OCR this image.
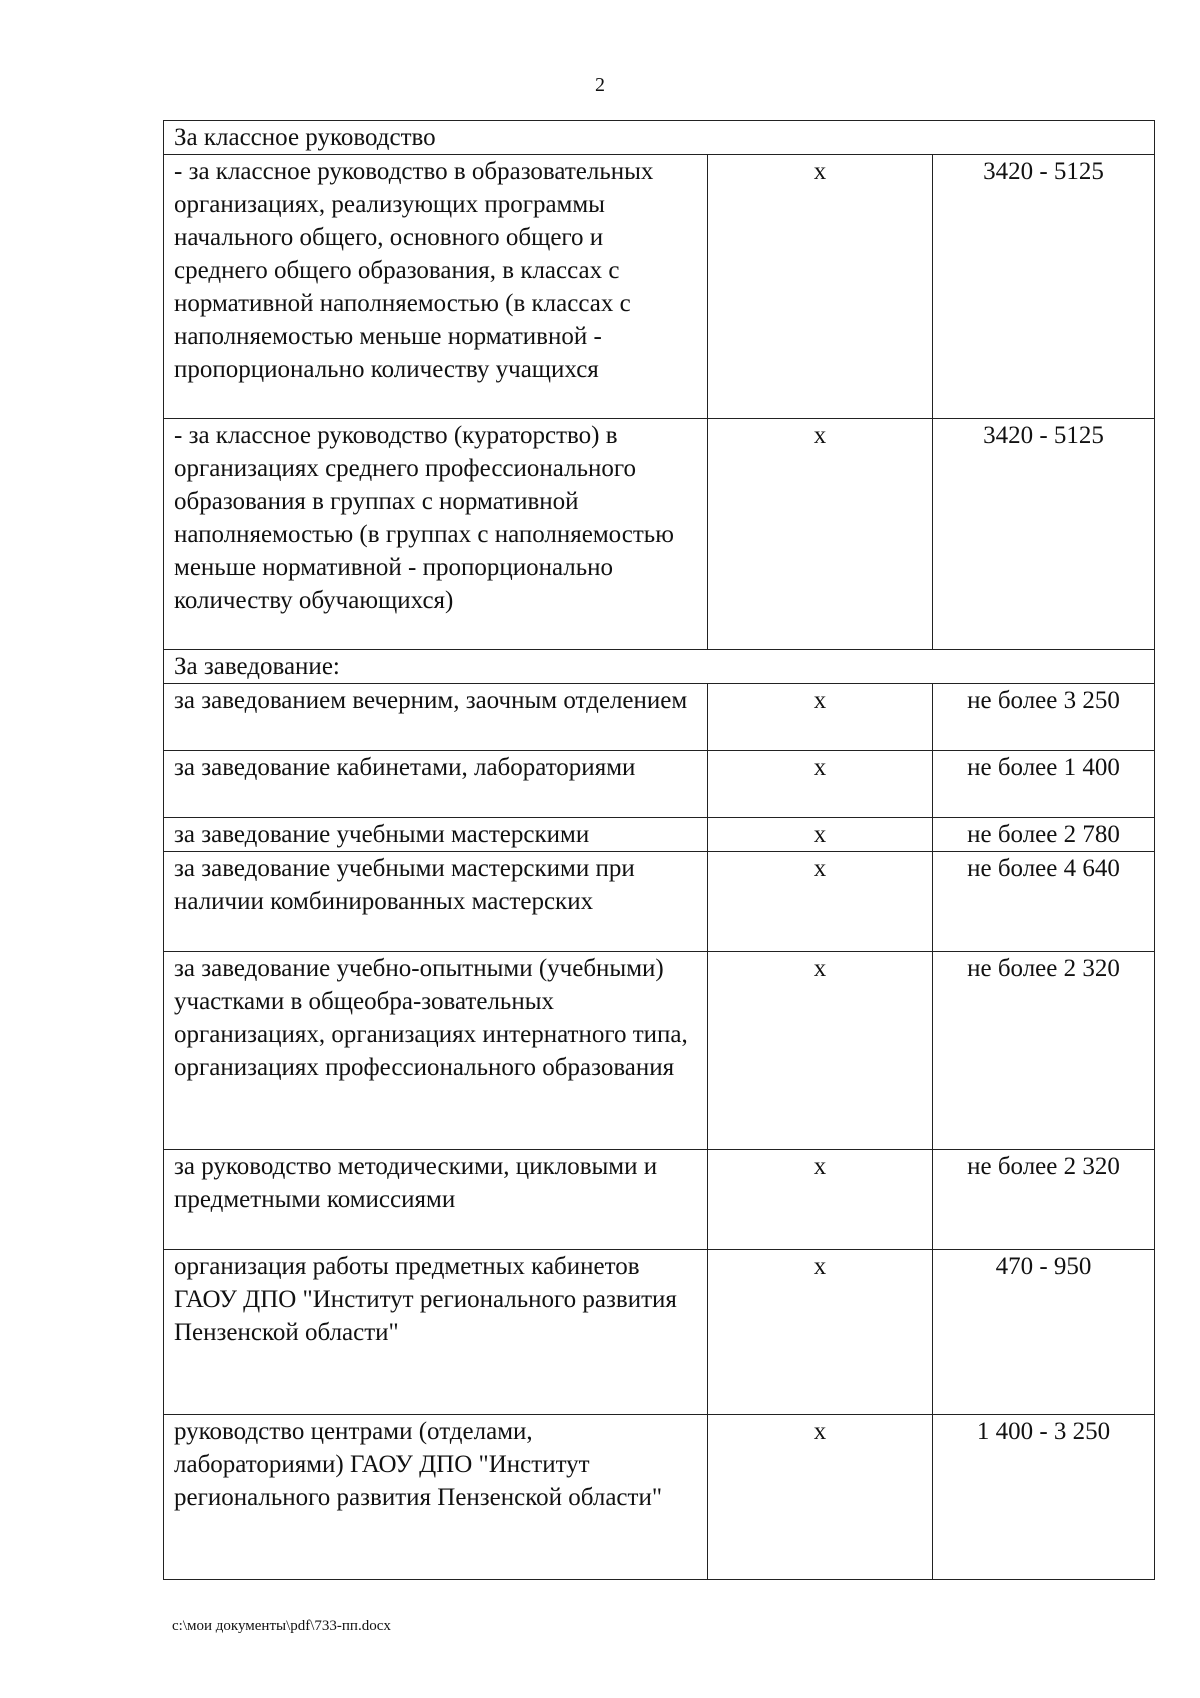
2
За классное руководство		
- за классное руководство в образовательных организациях, реализующих программы начального общего, основного общего и среднего общего образования, в классах с нормативной наполняемостью (в классах с наполняемостью меньше нормативной - пропорционально количеству учащихся	х	3420 - 5125
- за классное руководство (кураторство) в организациях среднего профессионального образования в группах с нормативной наполняемостью (в группах с наполняемостью меньше нормативной - пропорционально количеству обучающихся)	х	3420 - 5125
За заведование:		
за заведованием вечерним, заочным отделением	х	не более 3 250
за заведование кабинетами, лабораториями	х	не более 1 400
за заведование учебными мастерскими	х	не более 2 780
за заведование учебными мастерскими при наличии комбинированных мастерских	х	не более 4 640
за заведование учебно-опытными (учебными) участками в общеобра-зовательных организациях, организациях интернатного типа, организациях профессионального образования	х	не более 2 320
за руководство методическими, цикловыми и предметными комиссиями	х	не более 2 320
организация работы предметных кабинетов ГАОУ ДПО "Институт регионального развития Пензенской области"	х	470 - 950
руководство центрами (отделами, лабораториями) ГАОУ ДПО "Институт регионального развития Пензенской области"	х	1 400 - 3 250
c:\мои документы\pdf\733-пп.docx
